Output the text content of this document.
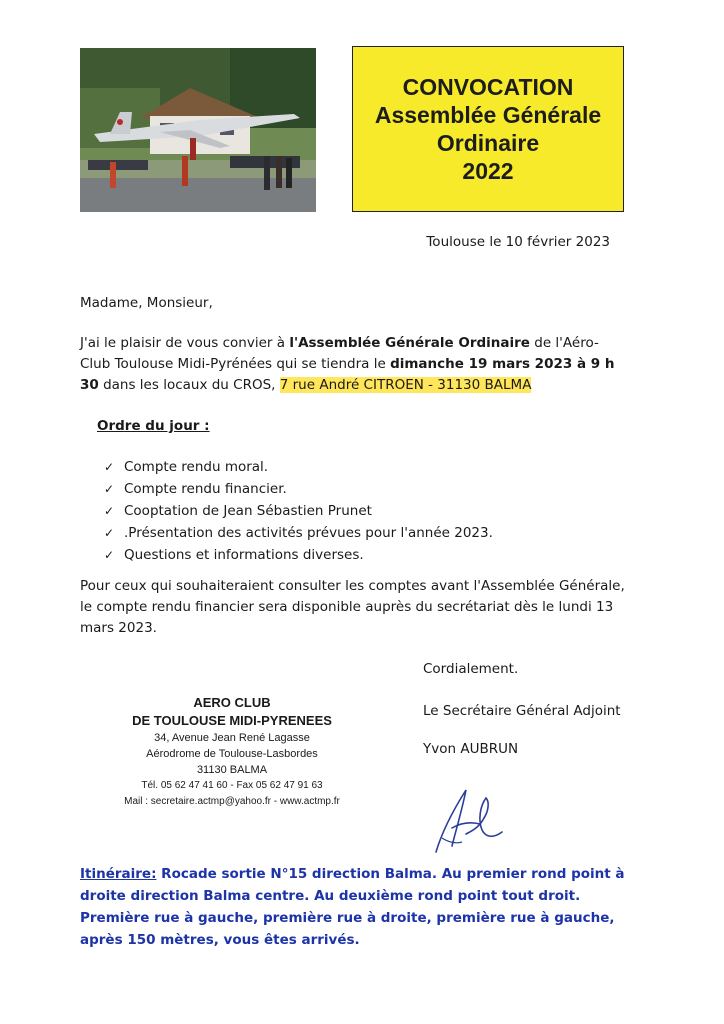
CONVOCATION
Assemblée Générale
Ordinaire
2022
Toulouse le 10 février 2023
Madame, Monsieur,
J'ai le plaisir de vous convier à l'Assemblée Générale Ordinaire de l'Aéro-Club Toulouse Midi-Pyrénées qui se tiendra le dimanche 19 mars 2023 à 9 h 30 dans les locaux du CROS, 7 rue André CITROEN - 31130 BALMA
Ordre du jour :
✓ Compte rendu moral.
✓ Compte rendu financier.
✓ Cooptation de Jean Sébastien Prunet
✓ .Présentation des activités prévues pour l'année 2023.
✓ Questions et informations diverses.
Pour ceux qui souhaiteraient consulter les comptes avant l'Assemblée Générale, le compte rendu financier sera disponible auprès du secrétariat dès le lundi 13 mars 2023.
Cordialement.
Le Secrétaire Général Adjoint
Yvon AUBRUN
AERO CLUB
DE TOULOUSE MIDI-PYRENEES
34, Avenue Jean René Lagasse
Aérodrome de Toulouse-Lasbordes
31130 BALMA
Tél. 05 62 47 41 60 - Fax 05 62 47 91 63
Mail : secretaire.actmp@yahoo.fr - www.actmp.fr
Itinéraire: Rocade sortie N°15 direction Balma. Au premier rond point à droite direction Balma centre. Au deuxième rond point tout droit. Première rue à gauche, première rue à droite, première rue à gauche, après 150 mètres, vous êtes arrivés.
